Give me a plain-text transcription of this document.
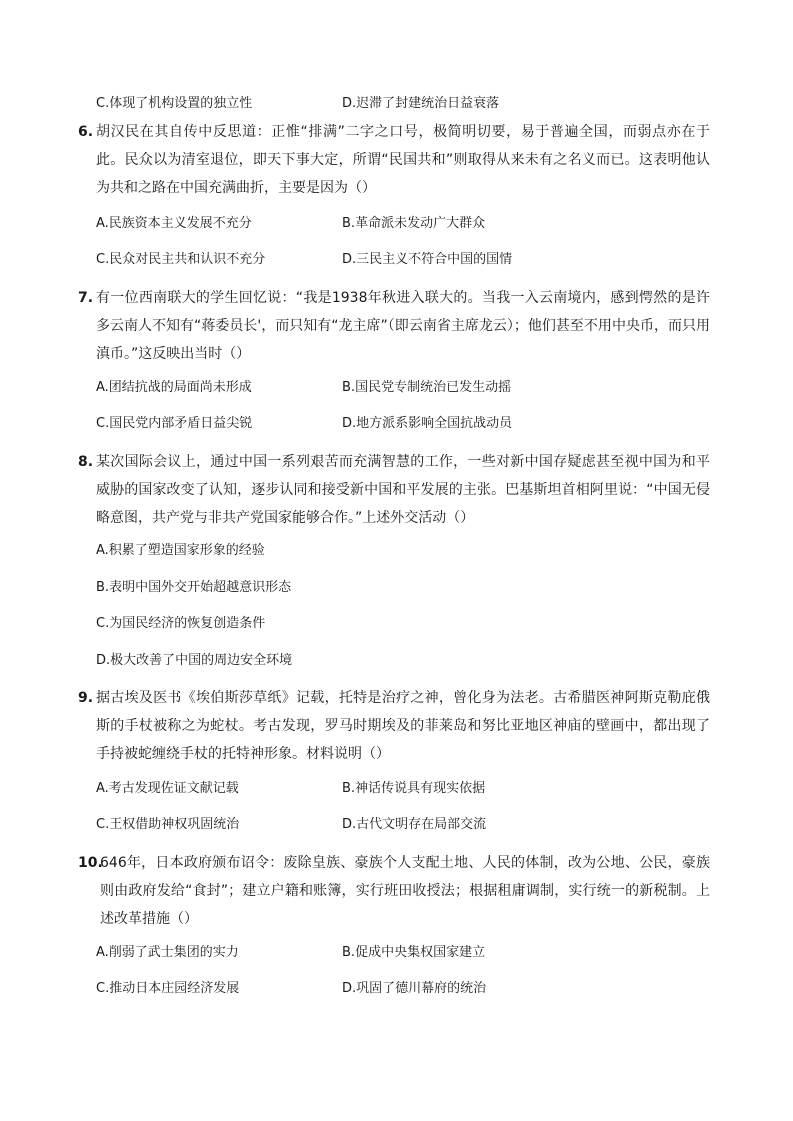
C.体现了机构设置的独立性	D.迟滞了封建统治日益衰落
6. 胡汉民在其自传中反思道：正惟“排满”二字之口号，极简明切要，易于普遍全国，而弱点亦在于此。民众以为清室退位，即天下事大定，所谓“民国共和”则取得从来未有之名义而已。这表明他认为共和之路在中国充满曲折，主要是因为（）
A.民族资本主义发展不充分	B.革命派未发动广大群众
C.民众对民主共和认识不充分	D.三民主义不符合中国的国情
7. 有一位西南联大的学生回忆说：“我是1938年秋进入联大的。当我一入云南境内，感到愕然的是许多云南人不知有“蒋委员长'，而只知有“龙主席”（即云南省主席龙云）；他们甚至不用中央币，而只用滇币。”这反映出当时（）
A.团结抗战的局面尚未形成	B.国民党专制统治已发生动摇
C.国民党内部矛盾日益尖锐	D.地方派系影响全国抗战动员
8. 某次国际会议上，通过中国一系列艰苦而充满智慧的工作，一些对新中国存疑虑甚至视中国为和平威胁的国家改变了认知，逐步认同和接受新中国和平发展的主张。巴基斯坦首相阿里说：“中国无侵略意图，共产党与非共产党国家能够合作。”上述外交活动（）
A.积累了塑造国家形象的经验
B.表明中国外交开始超越意识形态
C.为国民经济的恢复创造条件
D.极大改善了中国的周边安全环境
9. 据古埃及医书《埃伯斯莎草纸》记载，托特是治疗之神，曾化身为法老。古希腊医神阿斯克勒庇俄斯的手杖被称之为蛇杖。考古发现，罗马时期埃及的菲莱岛和努比亚地区神庙的壁画中，都出现了手持被蛇缠绕手杖的托特神形象。材料说明（）
A.考古发现佐证文献记载	B.神话传说具有现实依据
C.王权借助神权巩固统治	D.古代文明存在局部交流
10.
646年，日本政府颁布诏令：废除皇族、豪族个人支配土地、人民的体制，改为公地、公民，豪族则由政府发给“食封”；建立户籍和账簿，实行班田收授法；根据租庸调制，实行统一的新税制。上述改革措施（）
A.削弱了武士集团的实力	B.促成中央集权国家建立
C.推动日本庄园经济发展	D.巩固了德川幕府的统治
